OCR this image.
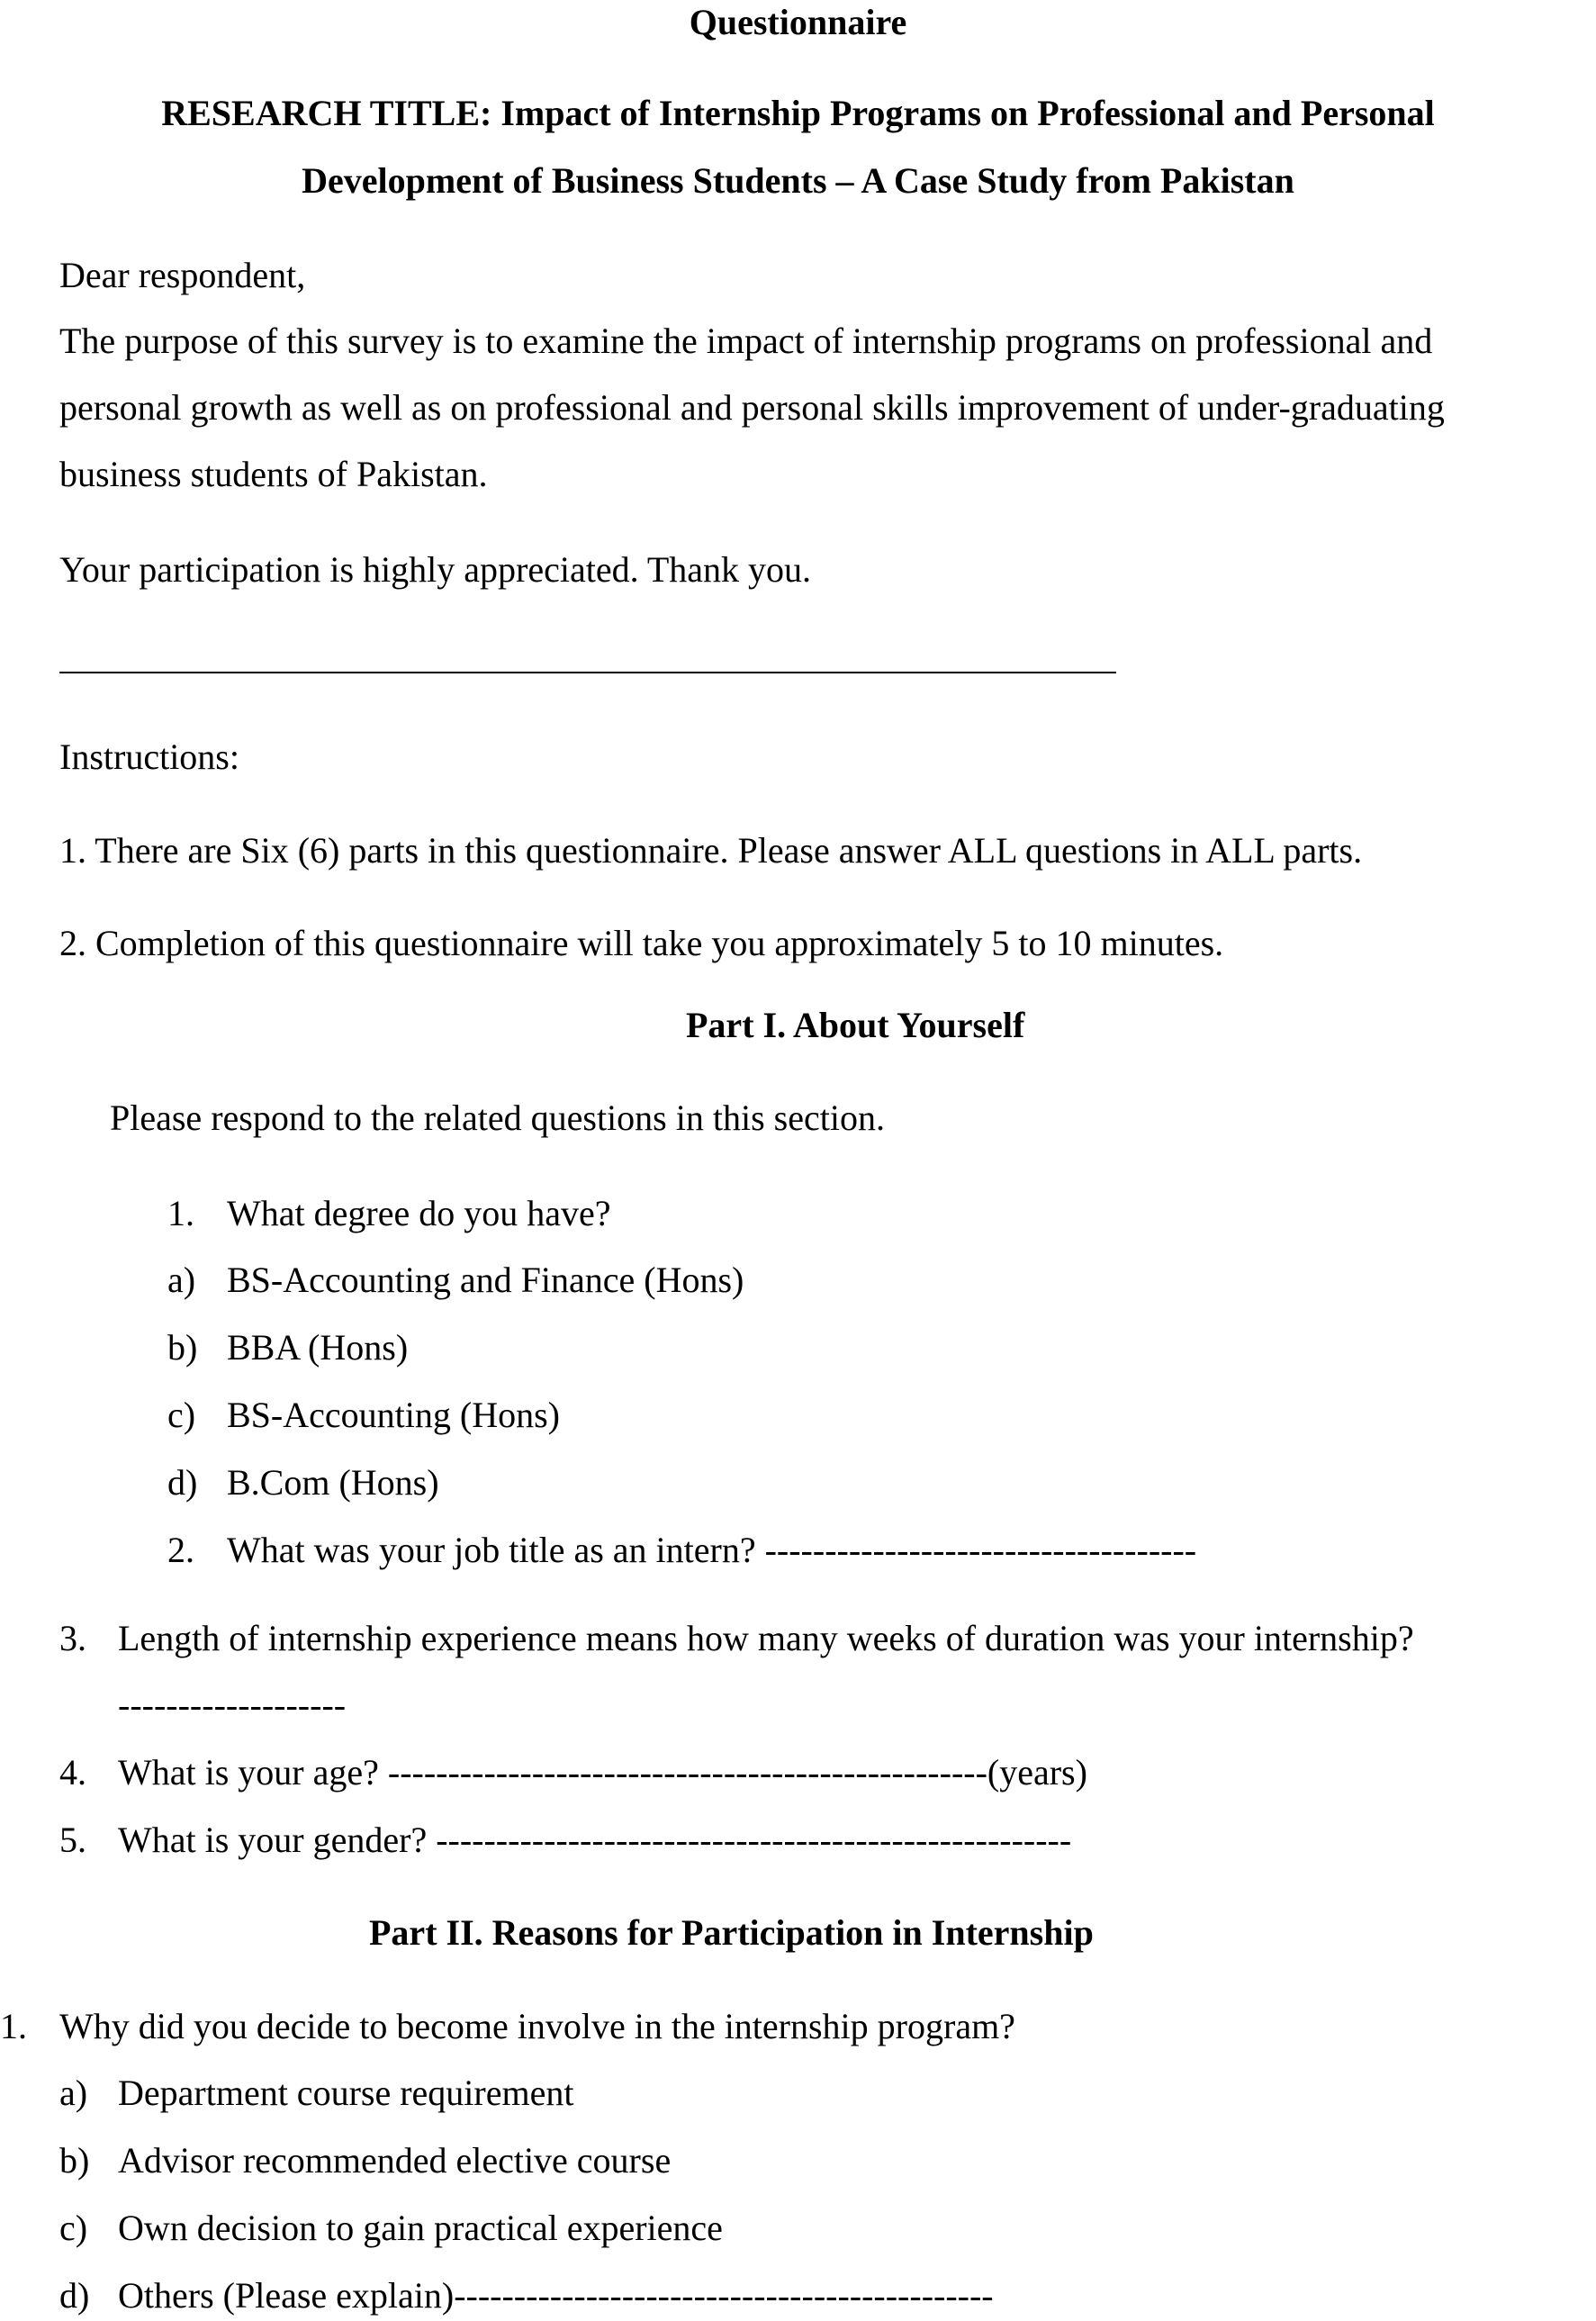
Questionnaire
RESEARCH TITLE: Impact of Internship Programs on Professional and Personal
Development of Business Students – A Case Study from Pakistan
Dear respondent,
The purpose of this survey is to examine the impact of internship programs on professional and
personal growth as well as on professional and personal skills improvement of under-graduating
business students of Pakistan.
Your participation is highly appreciated. Thank you.
Instructions:
1. There are Six (6) parts in this questionnaire. Please answer ALL questions in ALL parts.
2. Completion of this questionnaire will take you approximately 5 to 10 minutes.
Part I. About Yourself
Please respond to the related questions in this section.
1. What degree do you have?
a) BS-Accounting and Finance (Hons)
b) BBA (Hons)
c) BS-Accounting (Hons)
d) B.Com (Hons)
2. What was your job title as an intern? ------------------------------------
3. Length of internship experience means how many weeks of duration was your internship?
-------------------
4. What is your age? --------------------------------------------------(years)
5. What is your gender? -----------------------------------------------------
Part II. Reasons for Participation in Internship
1. Why did you decide to become involve in the internship program?
a) Department course requirement
b) Advisor recommended elective course
c) Own decision to gain practical experience
d) Others (Please explain)---------------------------------------------
